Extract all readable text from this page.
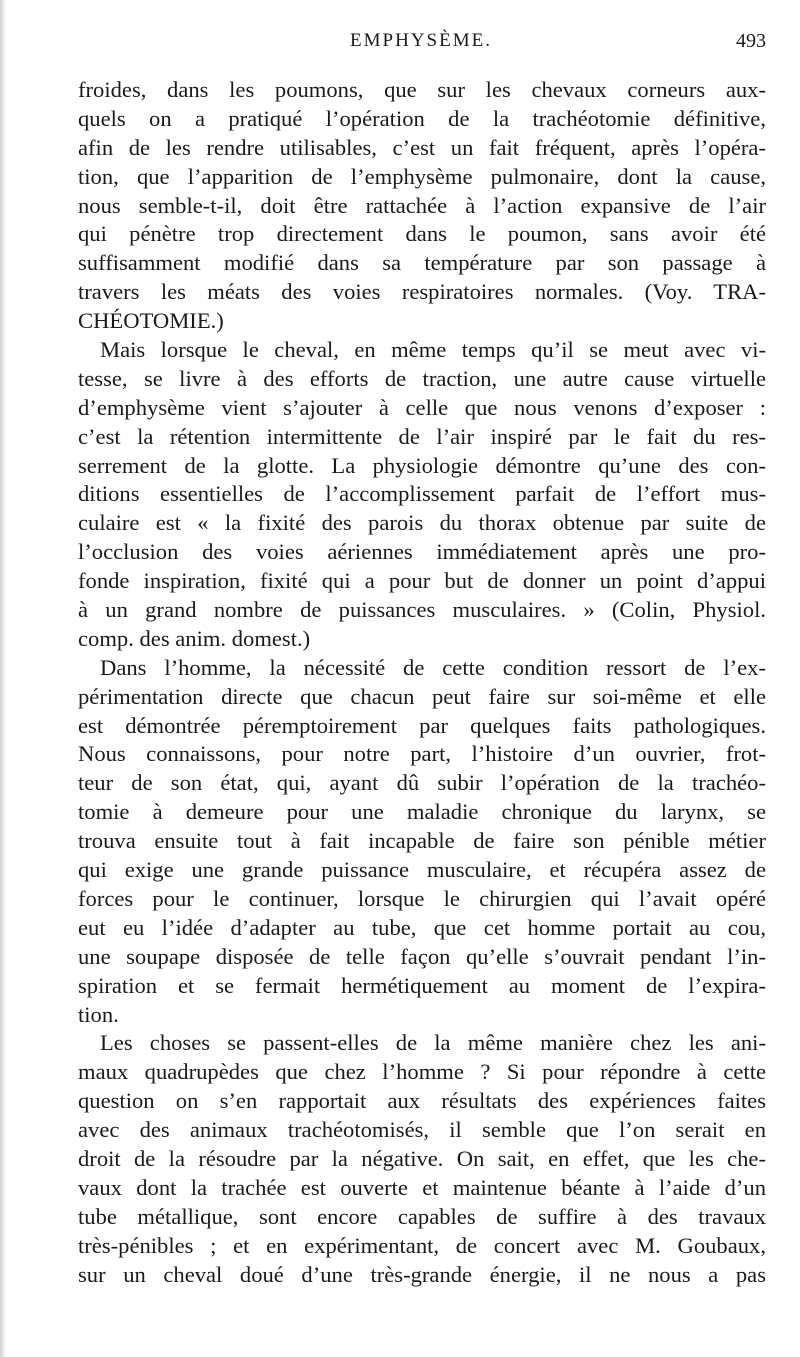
EMPHYSÈME.	493
froides, dans les poumons, que sur les chevaux corneurs aux-
quels on a pratiqué l’opération de la trachéotomie définitive,
afin de les rendre utilisables, c’est un fait fréquent, après l’opéra-
tion, que l’apparition de l’emphysème pulmonaire, dont la cause,
nous semble-t-il, doit être rattachée à l’action expansive de l’air
qui pénètre trop directement dans le poumon, sans avoir été
suffisamment modifié dans sa température par son passage à
travers les méats des voies respiratoires normales. (Voy. TRA-
CHÉOTOMIE.)
Mais lorsque le cheval, en même temps qu’il se meut avec vi-
tesse, se livre à des efforts de traction, une autre cause virtuelle
d’emphysème vient s’ajouter à celle que nous venons d’exposer :
c’est la rétention intermittente de l’air inspiré par le fait du res-
serrement de la glotte. La physiologie démontre qu’une des con-
ditions essentielles de l’accomplissement parfait de l’effort mus-
culaire est « la fixité des parois du thorax obtenue par suite de
l’occlusion des voies aériennes immédiatement après une pro-
fonde inspiration, fixité qui a pour but de donner un point d’appui
à un grand nombre de puissances musculaires. » (Colin, Physiol.
comp. des anim. domest.)
Dans l’homme, la nécessité de cette condition ressort de l’ex-
périmentation directe que chacun peut faire sur soi-même et elle
est démontrée péremptoirement par quelques faits pathologiques.
Nous connaissons, pour notre part, l’histoire d’un ouvrier, frot-
teur de son état, qui, ayant dû subir l’opération de la trachéo-
tomie à demeure pour une maladie chronique du larynx, se
trouva ensuite tout à fait incapable de faire son pénible métier
qui exige une grande puissance musculaire, et récupéra assez de
forces pour le continuer, lorsque le chirurgien qui l’avait opéré
eut eu l’idée d’adapter au tube, que cet homme portait au cou,
une soupape disposée de telle façon qu’elle s’ouvrait pendant l’in-
spiration et se fermait hermétiquement au moment de l’expira-
tion.
Les choses se passent-elles de la même manière chez les ani-
maux quadrupèdes que chez l’homme ? Si pour répondre à cette
question on s’en rapportait aux résultats des expériences faites
avec des animaux trachéotomisés, il semble que l’on serait en
droit de la résoudre par la négative. On sait, en effet, que les che-
vaux dont la trachée est ouverte et maintenue béante à l’aide d’un
tube métallique, sont encore capables de suffire à des travaux
très-pénibles ; et en expérimentant, de concert avec M. Goubaux,
sur un cheval doué d’une très-grande énergie, il ne nous a pas
